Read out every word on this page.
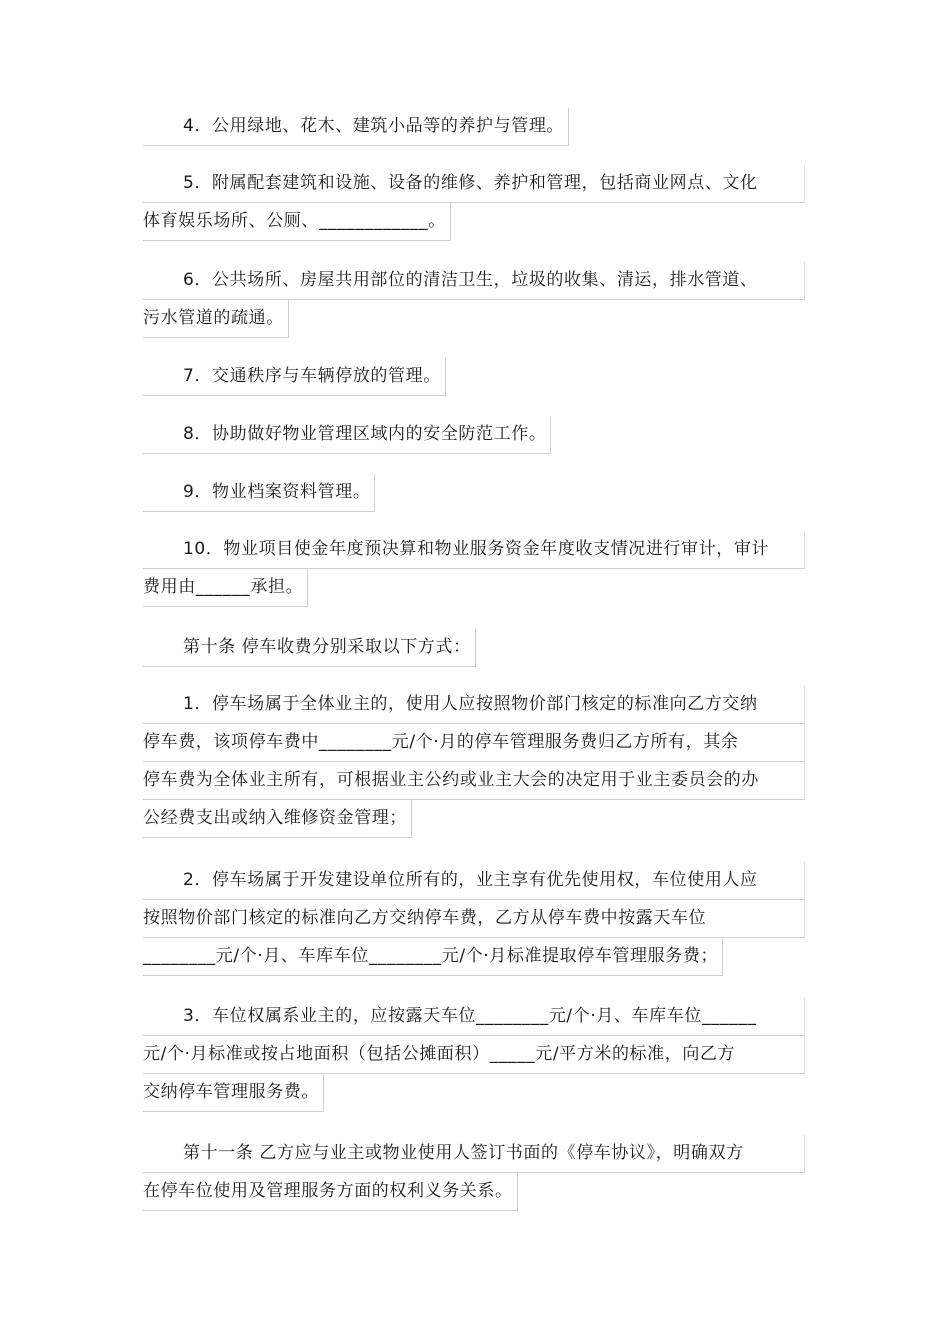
4．公用绿地、花木、建筑小品等的养护与管理。
5．附属配套建筑和设施、设备的维修、养护和管理，包括商业网点、文化
体育娱乐场所、公厕、____________。
6．公共场所、房屋共用部位的清洁卫生，垃圾的收集、清运，排水管道、
污水管道的疏通。
7．交通秩序与车辆停放的管理。
8．协助做好物业管理区域内的安全防范工作。
9．物业档案资料管理。
10．物业项目使金年度预决算和物业服务资金年度收支情况进行审计，审计
费用由______承担。
第十条 停车收费分别采取以下方式：
1．停车场属于全体业主的，使用人应按照物价部门核定的标准向乙方交纳
停车费，该项停车费中________元/个·月的停车管理服务费归乙方所有，其余
停车费为全体业主所有，可根据业主公约或业主大会的决定用于业主委员会的办
公经费支出或纳入维修资金管理；
2．停车场属于开发建设单位所有的，业主享有优先使用权，车位使用人应
按照物价部门核定的标准向乙方交纳停车费，乙方从停车费中按露天车位
________元/个·月、车库车位________元/个·月标准提取停车管理服务费；
3．车位权属系业主的，应按露天车位________元/个·月、车库车位______
元/个·月标准或按占地面积（包括公摊面积）_____元/平方米的标准，向乙方
交纳停车管理服务费。
第十一条 乙方应与业主或物业使用人签订书面的《停车协议》，明确双方
在停车位使用及管理服务方面的权利义务关系。
